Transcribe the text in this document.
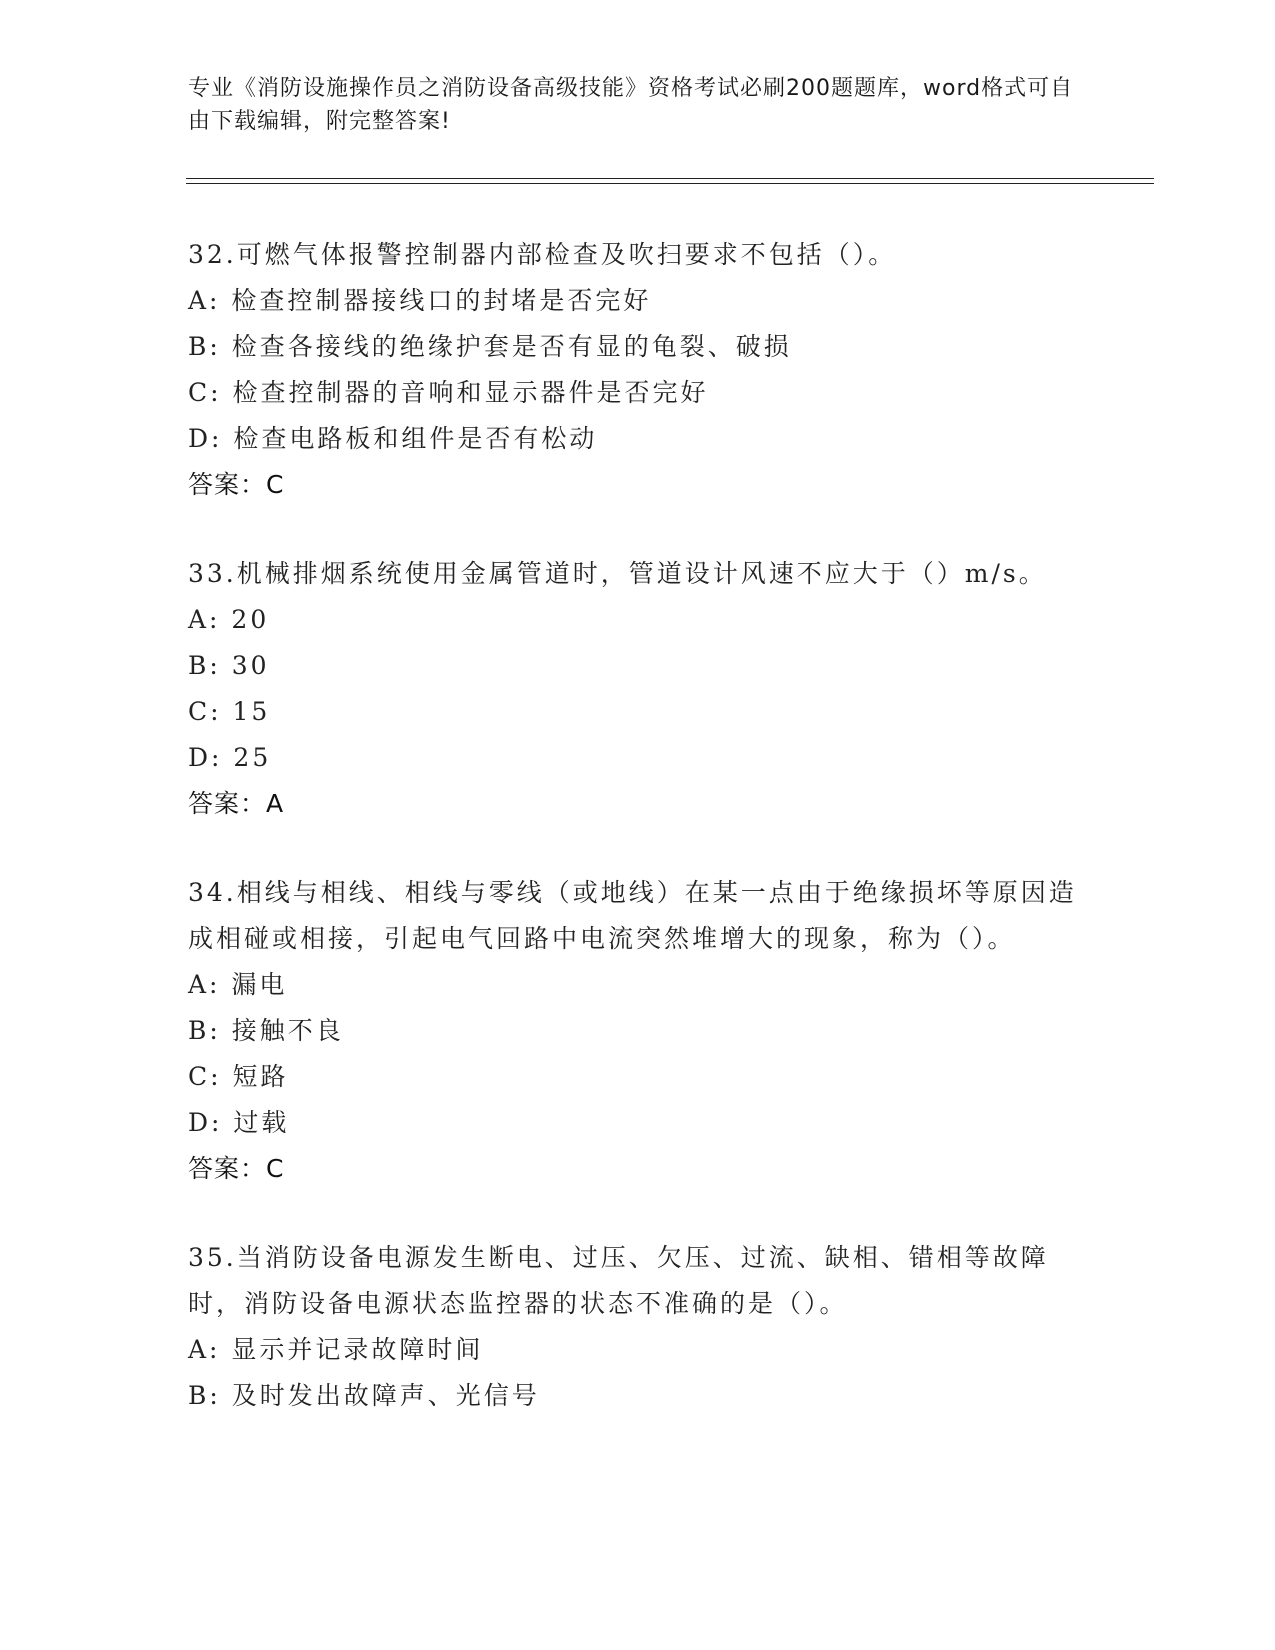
专业《消防设施操作员之消防设备高级技能》资格考试必刷200题题库，word格式可自由下载编辑，附完整答案!
32.可燃气体报警控制器内部检查及吹扫要求不包括（）。
A: 检查控制器接线口的封堵是否完好
B: 检查各接线的绝缘护套是否有显的龟裂、破损
C: 检查控制器的音响和显示器件是否完好
D: 检查电路板和组件是否有松动
答案：C
33.机械排烟系统使用金属管道时，管道设计风速不应大于（）m/s。
A: 20
B: 30
C: 15
D: 25
答案：A
34.相线与相线、相线与零线（或地线）在某一点由于绝缘损坏等原因造成相碰或相接，引起电气回路中电流突然堆增大的现象，称为（）。
A: 漏电
B: 接触不良
C: 短路
D: 过载
答案：C
35.当消防设备电源发生断电、过压、欠压、过流、缺相、错相等故障时，消防设备电源状态监控器的状态不准确的是（）。
A: 显示并记录故障时间
B: 及时发出故障声、光信号
